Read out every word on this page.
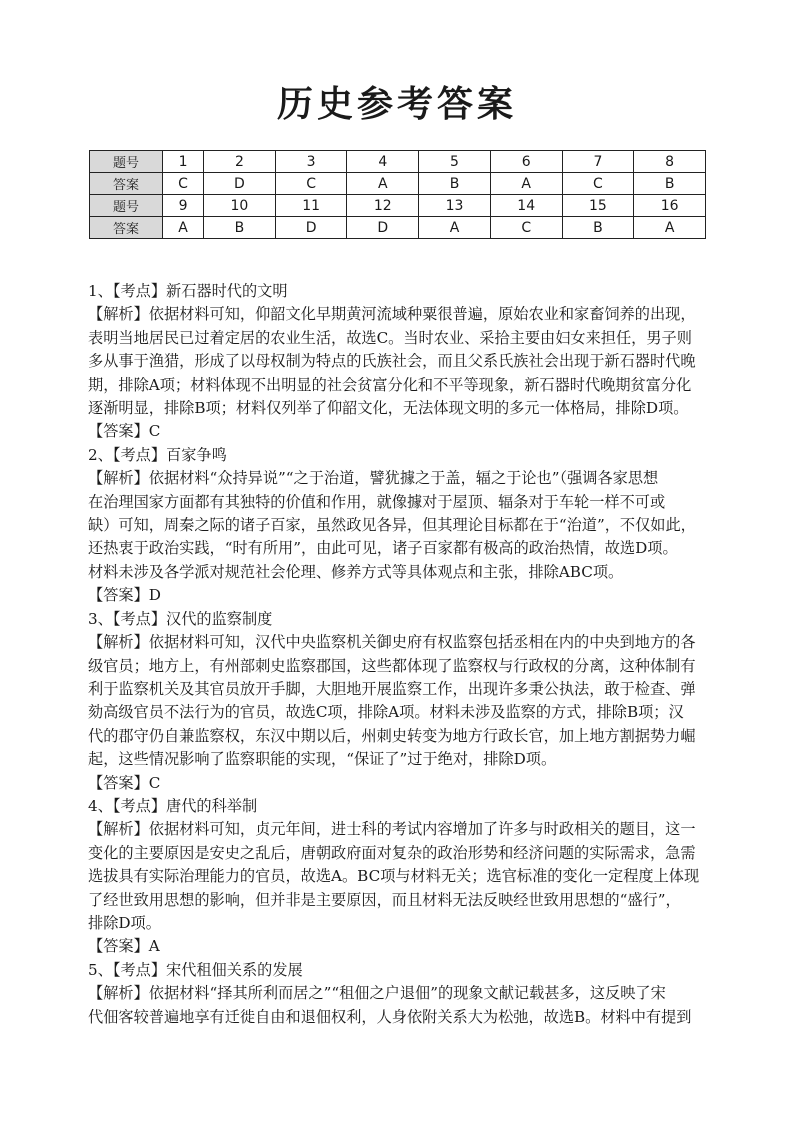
历史参考答案
题号	1	2	3	4	5	6	7	8
答案	C	D	C	A	B	A	C	B
题号	9	10	11	12	13	14	15	16
答案	A	B	D	D	A	C	B	A
1、【考点】新石器时代的文明
【解析】依据材料可知，仰韶文化早期黄河流域种粟很普遍，原始农业和家畜饲养的出现，
表明当地居民已过着定居的农业生活，故选C。当时农业、采拾主要由妇女来担任，男子则
多从事于渔猎，形成了以母权制为特点的氏族社会，而且父系氏族社会出现于新石器时代晚
期，排除A项；材料体现不出明显的社会贫富分化和不平等现象，新石器时代晚期贫富分化
逐渐明显，排除B项；材料仅列举了仰韶文化，无法体现文明的多元一体格局，排除D项。
【答案】C
2、【考点】百家争鸣
【解析】依据材料“众持异说”“之于治道，譬犹據之于盖，辐之于论也”（强调各家思想
在治理国家方面都有其独特的价值和作用，就像據对于屋顶、辐条对于车轮一样不可或
缺）可知，周秦之际的诸子百家，虽然政见各异，但其理论目标都在于“治道”，不仅如此，
还热衷于政治实践，“时有所用”，由此可见，诸子百家都有极高的政治热情，故选D项。
材料未涉及各学派对规范社会伦理、修养方式等具体观点和主张，排除ABC项。
【答案】D
3、【考点】汉代的监察制度
【解析】依据材料可知，汉代中央监察机关御史府有权监察包括丞相在内的中央到地方的各
级官员；地方上，有州部刺史监察郡国，这些都体现了监察权与行政权的分离，这种体制有
利于监察机关及其官员放开手脚，大胆地开展监察工作，出现许多秉公执法，敢于检查、弹
劾高级官员不法行为的官员，故选C项，排除A项。材料未涉及监察的方式，排除B项；汉
代的郡守仍自兼监察权，东汉中期以后，州刺史转变为地方行政长官，加上地方割据势力崛
起，这些情况影响了监察职能的实现，“保证了”过于绝对，排除D项。
【答案】C
4、【考点】唐代的科举制
【解析】依据材料可知，贞元年间，进士科的考试内容增加了许多与时政相关的题目，这一
变化的主要原因是安史之乱后，唐朝政府面对复杂的政治形势和经济问题的实际需求，急需
选拔具有实际治理能力的官员，故选A。BC项与材料无关；选官标准的变化一定程度上体现
了经世致用思想的影响，但并非是主要原因，而且材料无法反映经世致用思想的“盛行”，
排除D项。
【答案】A
5、【考点】宋代租佃关系的发展
【解析】依据材料“择其所利而居之”“租佃之户退佃”的现象文献记载甚多，这反映了宋
代佃客较普遍地享有迁徙自由和退佃权利，人身依附关系大为松弛，故选B。材料中有提到
